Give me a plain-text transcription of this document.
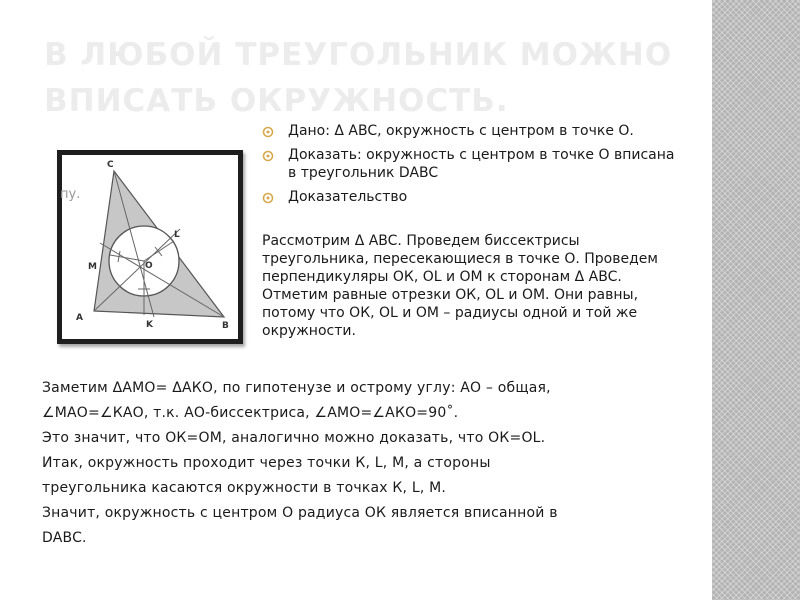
В ЛЮБОЙ ТРЕУГОЛЬНИК МОЖНО ВПИСАТЬ ОКРУЖНОСТЬ.
C
L
M	O
A
K	B
пу.
Дано: Δ ABC, окружность с центром в точке О.
Доказать: окружность с центром в точке О вписана в треугольник DABC
Доказательство

Рассмотрим Δ ABC. Проведем биссектрисы треугольника, пересекающиеся в точке О. Проведем перпендикуляры ОК, OL и ОМ к сторонам Δ ABC. Отметим равные отрезки ОК, OL и ОМ. Они равны, потому что ОК, OL и ОМ – радиусы одной и той же окружности.

Заметим ΔАМО= ΔАКО, по гипотенузе и острому углу: АО – общая,
∠МАО=∠КАО, т.к. АО-биссектриса, ∠АМО=∠АКО=90˚.
Это значит, что ОК=ОМ, аналогично можно доказать, что ОК=OL.
Итак, окружность проходит через точки К, L, М, а стороны
треугольника касаются окружности в точках К, L, М.
Значит, окружность с центром О радиуса ОК является вписанной в
DABC.
